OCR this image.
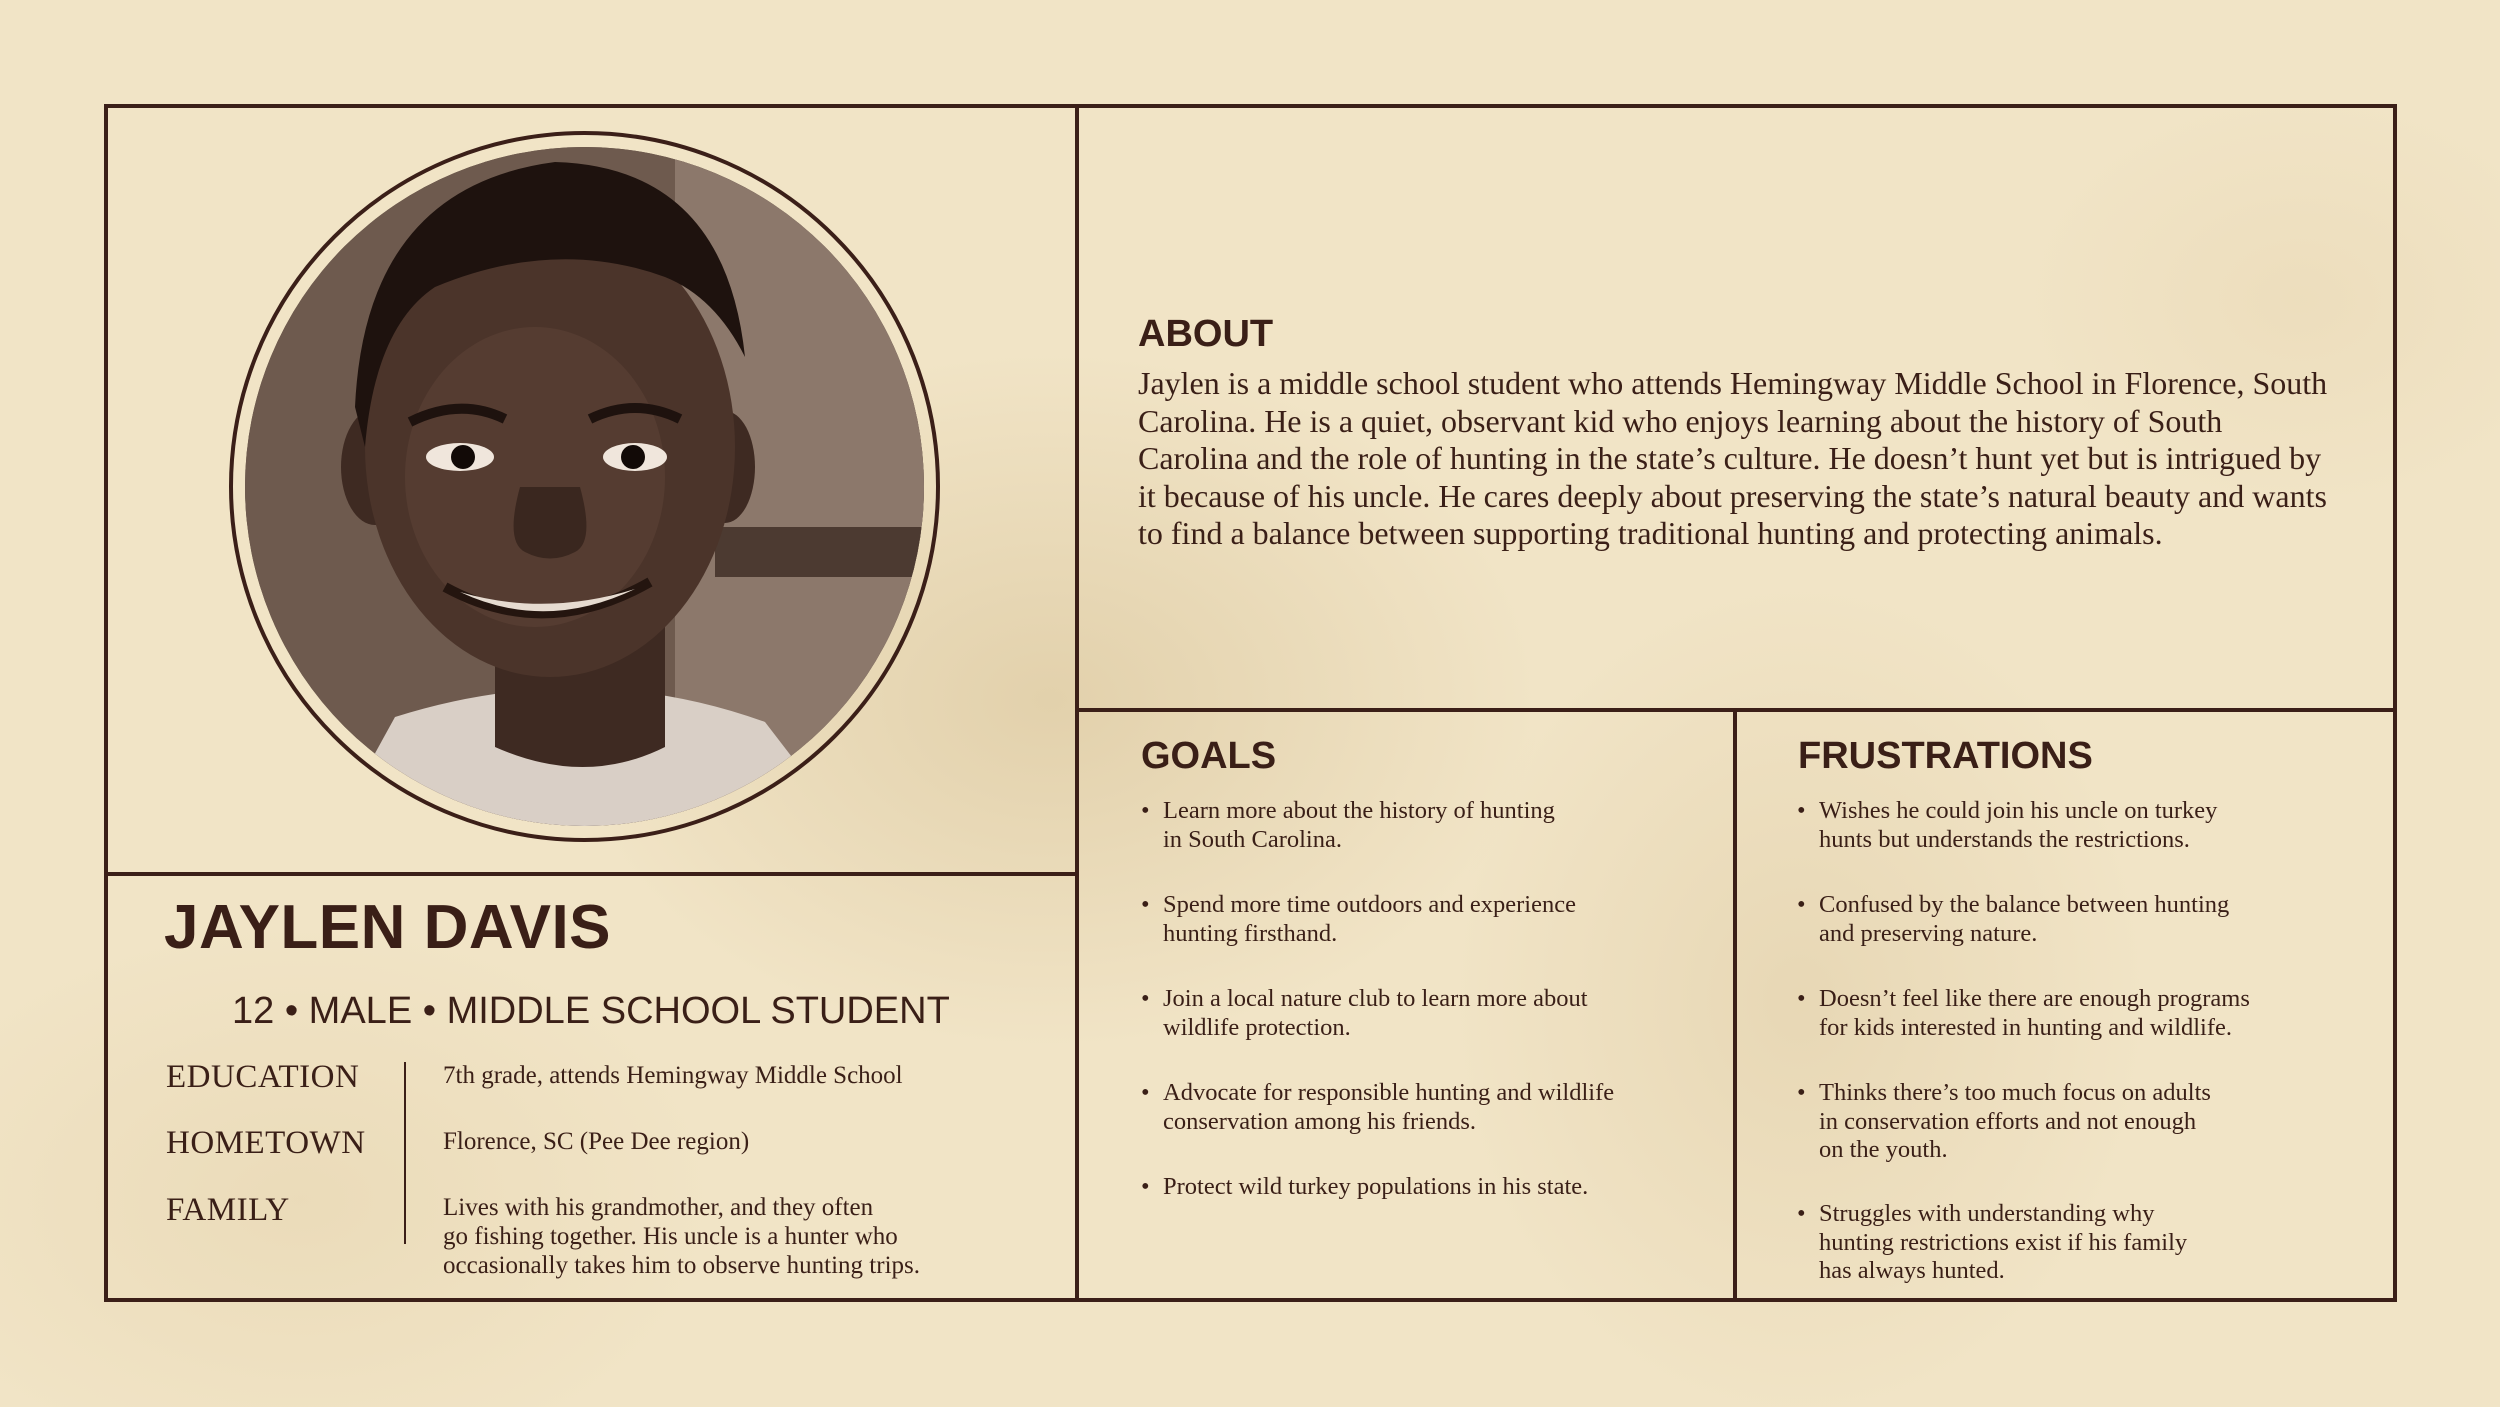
JAYLEN DAVIS
12 • MALE • MIDDLE SCHOOL STUDENT
EDUCATION
HOMETOWN
FAMILY
7th grade, attends Hemingway Middle School
Florence, SC (Pee Dee region)
Lives with his grandmother, and they often
go fishing together. His uncle is a hunter who
occasionally takes him to observe hunting trips.
ABOUT
Jaylen is a middle school student who attends Hemingway Middle School in Florence, South Carolina. He is a quiet, observant kid who enjoys learning about the history of South Carolina and the role of hunting in the state’s culture. He doesn’t hunt yet but is intrigued by it because of his uncle. He cares deeply about preserving the state’s natural beauty and wants to find a balance between supporting traditional hunting and protecting animals.
GOALS
• Learn more about the history of hunting
in South Carolina.
• Spend more time outdoors and experience
hunting firsthand.
• Join a local nature club to learn more about
wildlife protection.
• Advocate for responsible hunting and wildlife
conservation among his friends.
• Protect wild turkey populations in his state.
FRUSTRATIONS
• Wishes he could join his uncle on turkey
hunts but understands the restrictions.
• Confused by the balance between hunting
and preserving nature.
• Doesn’t feel like there are enough programs
for kids interested in hunting and wildlife.
• Thinks there’s too much focus on adults
in conservation efforts and not enough
on the youth.
• Struggles with understanding why
hunting restrictions exist if his family
has always hunted.
